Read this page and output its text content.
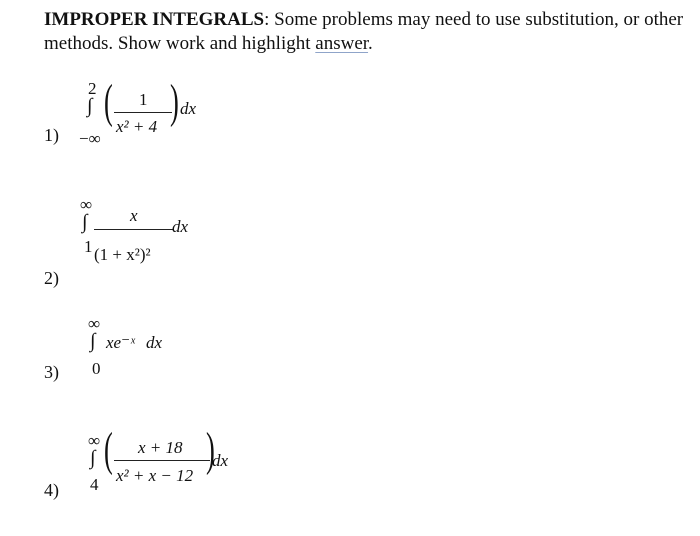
IMPROPER INTEGRALS: Some problems may need to use substitution, or other
methods. Show work and highlight answer.
1)
2
∫
−∞
( 1
x² + 4 ) dx
2)
∞
∫
1
x
(1 + x²)²
dx
3)
∞
∫ xe⁻ˣ dx
0
4)
∞
∫
4
( x + 18
x² + x − 12 )
dx
